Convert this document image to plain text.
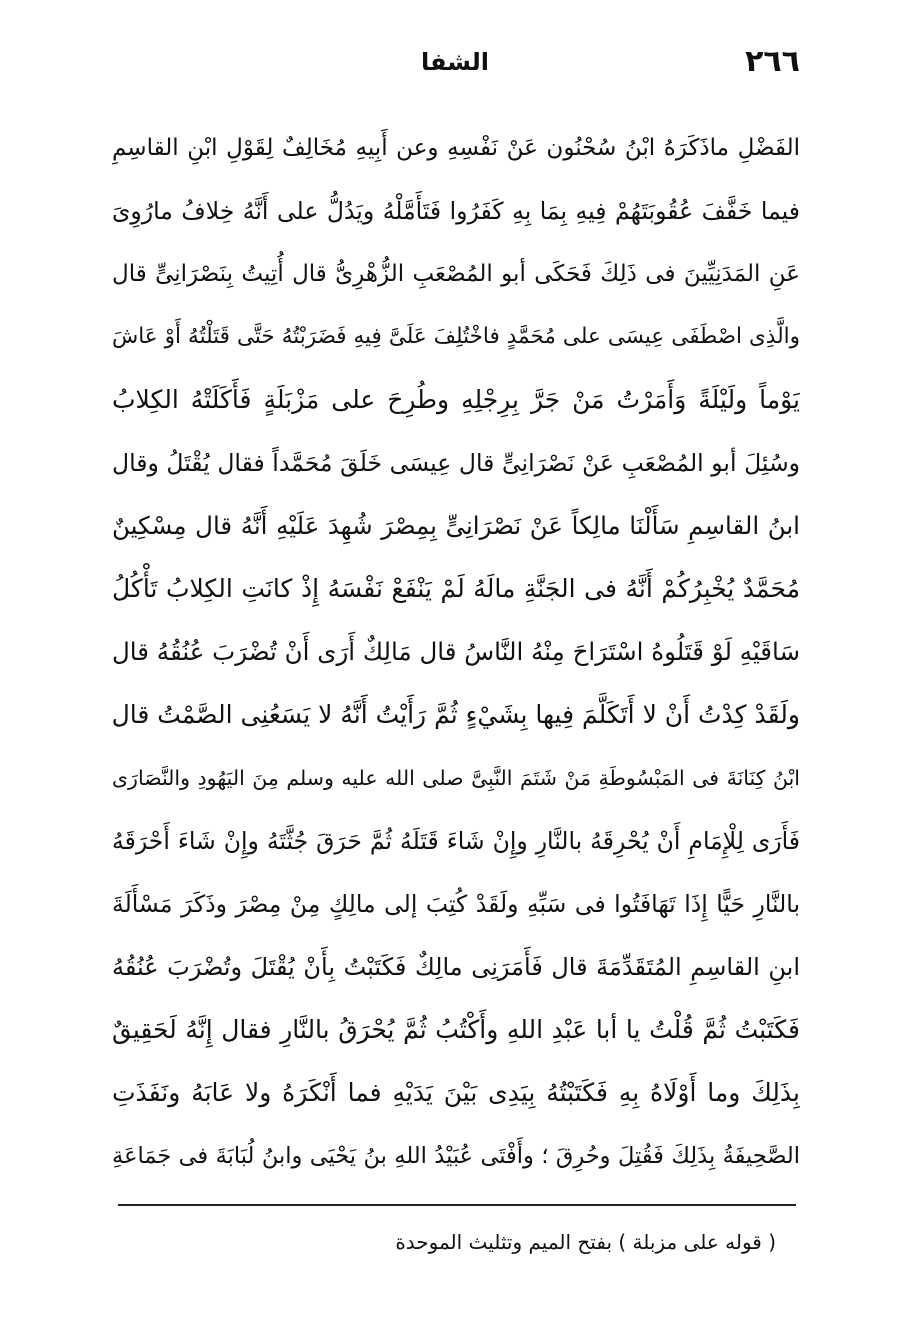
٢٦٦
الشفا
الفَضْلِ ماذَكَرَهُ ابْنُ سُحْنُون عَنْ نَفْسِهِ وعن أَبِيهِ مُخَالِفٌ لِقَوْلِ ابْنِ القاسِمِ
فيما خَفَّفَ عُقُوبَتَهُمْ فِيهِ بِمَا بِهِ كَفَرُوا فَتَأَمَّلْهُ ويَدُلُّ على أَنَّهُ خِلافُ مارُوِىَ
عَنِ المَدَنِيِّينَ فى ذَلِكَ فَحَكَى أبو المُصْعَبِ الزُّهْرِىُّ قال أُتِيتُ بِنَصْرَانِىٍّ قال
والَّذِى اصْطَفَى عِيسَى على مُحَمَّدٍ فاخْتُلِفَ عَلَىَّ فِيهِ فَضَرَبْتُهُ حَتَّى قَتَلْتُهُ أَوْ عَاشَ
يَوْماً ولَيْلَةً وَأَمَرْتُ مَنْ جَرَّ بِرِجْلِهِ وطُرِحَ على مَزْبَلَةٍ فَأَكَلَتْهُ الكِلابُ
وسُئِلَ أبو المُصْعَبِ عَنْ نَصْرَانِىٍّ قال عِيسَى خَلَقَ مُحَمَّداً فقال يُقْتَلُ وقال
ابنُ القاسِمِ سَأَلْنَا مالِكاً عَنْ نَصْرَانِىٍّ بِمِصْرَ شُهِدَ عَلَيْهِ أَنَّهُ قال مِسْكِينٌ
مُحَمَّدٌ يُخْبِرُكُمْ أَنَّهُ فى الجَنَّةِ مالَهُ لَمْ يَنْفَعْ نَفْسَهُ إِذْ كانَتِ الكِلابُ تَأْكُلُ
سَاقَيْهِ لَوْ قَتَلُوهُ اسْتَرَاحَ مِنْهُ النَّاسُ قال مَالِكٌ أَرَى أَنْ تُضْرَبَ عُنُقُهُ قال
ولَقَدْ كِدْتُ أَنْ لا أَتَكَلَّمَ فِيها بِشَيْءٍ ثُمَّ رَأَيْتُ أَنَّهُ لا يَسَعُنِى الصَّمْتُ قال
ابْنُ كِنَانَةَ فى المَبْسُوطَةِ مَنْ شَتَمَ النَّبِىَّ صلى الله عليه وسلم مِنَ اليَهُودِ والنَّصَارَى
فَأَرَى لِلْإِمَامِ أَنْ يُحْرِقَهُ بالنَّارِ وإِنْ شَاءَ قَتَلَهُ ثُمَّ حَرَقَ جُثَّتَهُ وإِنْ شَاءَ أَحْرَقَهُ
بالنَّارِ حَيًّا إِذَا تَهَافَتُوا فى سَبِّهِ ولَقَدْ كُتِبَ إلى مالِكٍ مِنْ مِصْرَ وذَكَرَ مَسْأَلَةَ
ابنِ القاسِمِ المُتَقَدِّمَةَ قال فَأَمَرَنِى مالِكٌ فَكَتَبْتُ بِأَنْ يُقْتَلَ وتُضْرَبَ عُنُقُهُ
فَكَتَبْتُ ثُمَّ قُلْتُ يا أبا عَبْدِ اللهِ وأَكْتُبُ ثُمَّ يُحْرَقُ بالنَّارِ فقال إِنَّهُ لَحَقِيقٌ
بِذَلِكَ وما أَوْلَاهُ بِهِ فَكَتَبْتُهُ بِيَدِى بَيْنَ يَدَيْهِ فما أَنْكَرَهُ ولا عَابَهُ ونَفَذَتِ
الصَّحِيفَةُ بِذَلِكَ فَقُتِلَ وحُرِقَ ؛ وأَفْتَى عُبَيْدُ اللهِ بنُ يَحْيَى وابنُ لُبَابَةَ فى جَمَاعَةِ
( قوله على مزبلة ) بفتح الميم وتثليث الموحدة
